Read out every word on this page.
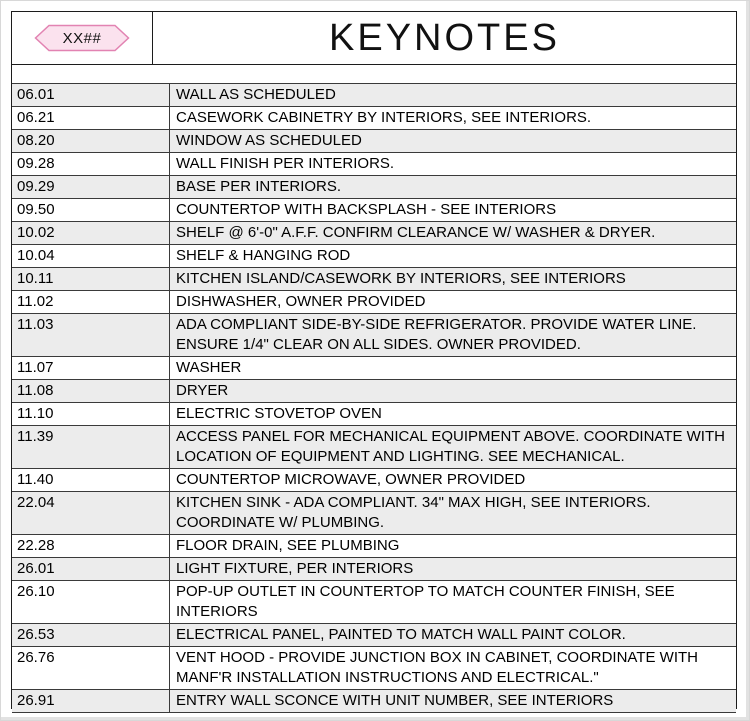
XX##	KEYNOTES
06.01	WALL AS SCHEDULED
06.21	CASEWORK CABINETRY BY INTERIORS, SEE INTERIORS.
08.20	WINDOW AS SCHEDULED
09.28	WALL FINISH PER INTERIORS.
09.29	BASE PER INTERIORS.
09.50	COUNTERTOP WITH BACKSPLASH - SEE INTERIORS
10.02	SHELF @ 6'-0" A.F.F. CONFIRM CLEARANCE W/ WASHER & DRYER.
10.04	SHELF & HANGING ROD
10.11	KITCHEN ISLAND/CASEWORK BY INTERIORS, SEE INTERIORS
11.02	DISHWASHER, OWNER PROVIDED
11.03	ADA COMPLIANT SIDE-BY-SIDE REFRIGERATOR. PROVIDE WATER LINE. ENSURE 1/4" CLEAR ON ALL SIDES. OWNER PROVIDED.
11.07	WASHER
11.08	DRYER
11.10	ELECTRIC STOVETOP OVEN
11.39	ACCESS PANEL FOR MECHANICAL EQUIPMENT ABOVE. COORDINATE WITH LOCATION OF EQUIPMENT AND LIGHTING. SEE MECHANICAL.
11.40	COUNTERTOP MICROWAVE, OWNER PROVIDED
22.04	KITCHEN SINK - ADA COMPLIANT. 34" MAX HIGH, SEE INTERIORS. COORDINATE W/ PLUMBING.
22.28	FLOOR DRAIN, SEE PLUMBING
26.01	LIGHT FIXTURE, PER INTERIORS
26.10	POP-UP OUTLET IN COUNTERTOP TO MATCH COUNTER FINISH, SEE INTERIORS
26.53	ELECTRICAL PANEL, PAINTED TO MATCH WALL PAINT COLOR.
26.76	VENT HOOD - PROVIDE JUNCTION BOX IN CABINET, COORDINATE WITH MANF'R INSTALLATION INSTRUCTIONS AND ELECTRICAL."
26.91	ENTRY WALL SCONCE WITH UNIT NUMBER, SEE INTERIORS
